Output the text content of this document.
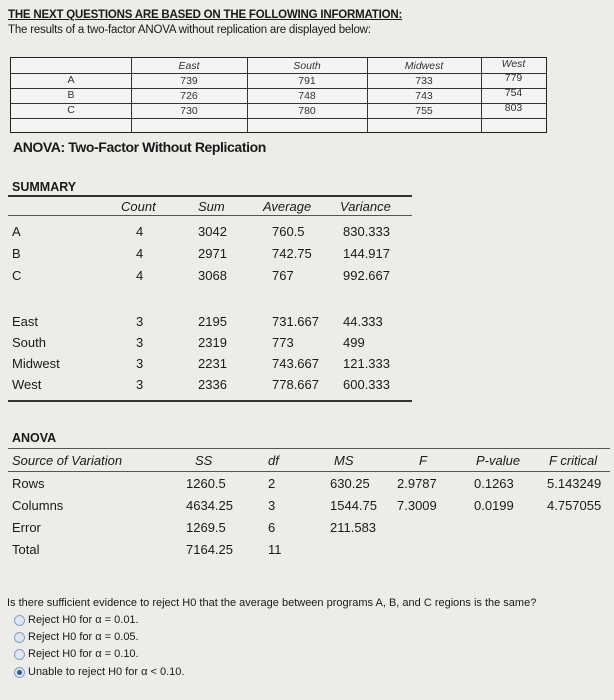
THE NEXT QUESTIONS ARE BASED ON THE FOLLOWING INFORMATION:
The results of a two-factor ANOVA without replication are displayed below:
East	South	Midwest	West
A	739	791	733	779
B	726	748	743	754
C	730	780	755	803
ANOVA: Two-Factor Without Replication
SUMMARY
Count	Sum	Average Variance
A	4	3042	760.5	830.333
B	4	2971	742.75 144.917
C	4	3068	767	992.667
East	3	2195	731.667 44.333
South	3	2319	773	499
Midwest	3	2231	743.667 121.333
West	3	2336	778.667 600.333
ANOVA
Source of Variation	SS	df	MS	F	P-value F critical
Rows	1260.5	2	630.25 2.9787	0.1263	5.143249
Columns	4634.25	3	1544.75 7.3009	0.0199	4.757055
Error	1269.5	6	211.583
Total	7164.25	11
Is there sufficient evidence to reject H0 that the average between programs A, B, and C regions is the same?
Reject H0 for α = 0.01.
Reject H0 for α = 0.05.
Reject H0 for α = 0.10.
Unable to reject H0 for α < 0.10.
